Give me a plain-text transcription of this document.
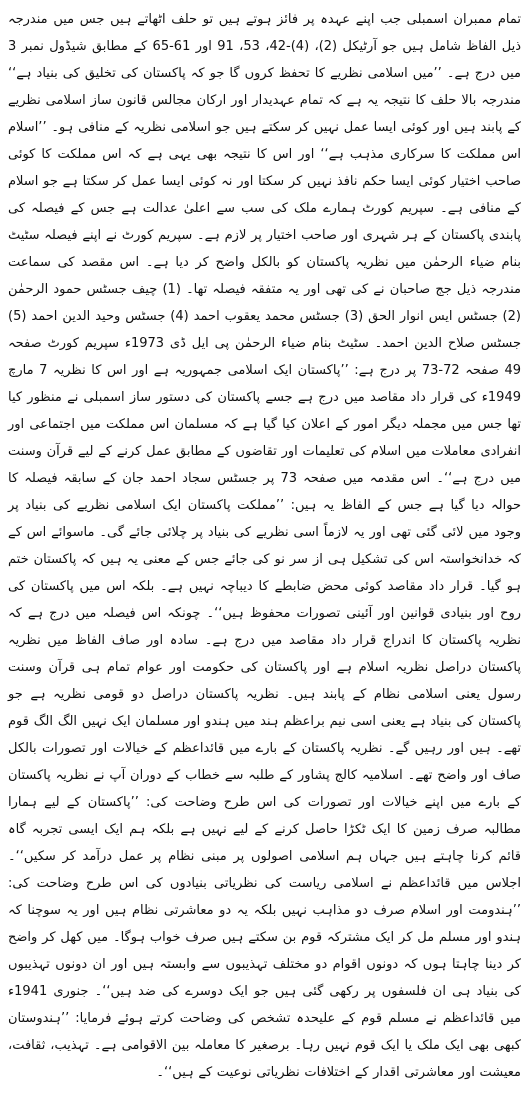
تمام ممبران اسمبلی جب اپنے عہدہ پر فائز ہوتے ہیں تو حلف اٹھاتے ہیں جس میں مندرجہ ذیل الفاظ شامل ہیں جو آرٹیکل (2)، (4)-42، 53، 91 اور 61-65 کے مطابق شیڈول نمبر 3 میں درج ہے۔ ’’میں اسلامی نظریے کا تحفظ کروں گا جو کہ پاکستان کی تخلیق کی بنیاد ہے‘‘ مندرجہ بالا حلف کا نتیجہ یہ ہے کہ تمام عہدیدار اور ارکان مجالس قانون ساز اسلامی نظریے کے پابند ہیں اور کوئی ایسا عمل نہیں کر سکتے ہیں جو اسلامی نظریہ کے منافی ہو۔ ’’اسلام اس مملکت کا سرکاری مذہب ہے‘‘ اور اس کا نتیجہ بھی یہی ہے کہ اس مملکت کا کوئی صاحب اختیار کوئی ایسا حکم نافذ نہیں کر سکتا اور نہ کوئی ایسا عمل کر سکتا ہے جو اسلام کے منافی ہے۔ سپریم کورٹ ہمارے ملک کی سب سے اعلیٰ عدالت ہے جس کے فیصلہ کی پابندی پاکستان کے ہر شہری اور صاحب اختیار پر لازم ہے۔ سپریم کورٹ نے اپنے فیصلہ سٹیٹ بنام ضیاء الرحمٰن میں نظریہ پاکستان کو بالکل واضح کر دیا ہے۔ اس مقصد کی سماعت مندرجہ ذیل جج صاحبان نے کی تھی اور یہ متفقہ فیصلہ تھا۔ (1) چیف جسٹس حمود الرحمٰن (2) جسٹس ایس انوار الحق (3) جسٹس محمد یعقوب احمد (4) جسٹس وحید الدین احمد (5) جسٹس صلاح الدین احمد۔ سٹیٹ بنام ضیاء الرحمٰن پی ایل ڈی 1973ء سپریم کورٹ صفحہ 49 صفحہ 72-73 پر درج ہے: ’’پاکستان ایک اسلامی جمہوریہ ہے اور اس کا نظریہ 7 مارچ 1949ء کی قرار داد مقاصد میں درج ہے جسے پاکستان کی دستور ساز اسمبلی نے منظور کیا تھا جس میں مجملہ دیگر امور کے اعلان کیا گیا ہے کہ مسلمان اس مملکت میں اجتماعی اور انفرادی معاملات میں اسلام کی تعلیمات اور تقاضوں کے مطابق عمل کرنے کے لیے قرآن وسنت میں درج ہے‘‘۔ اس مقدمہ میں صفحہ 73 پر جسٹس سجاد احمد جان کے سابقہ فیصلہ کا حوالہ دیا گیا ہے جس کے الفاظ یہ ہیں: ’’مملکت پاکستان ایک اسلامی نظریے کی بنیاد پر وجود میں لائی گئی تھی اور یہ لازماً اسی نظریے کی بنیاد پر چلائی جائے گی۔ ماسوائے اس کے کہ خدانخواستہ اس کی تشکیل ہی از سر نو کی جائے جس کے معنی یہ ہیں کہ پاکستان ختم ہو گیا۔ قرار داد مقاصد کوئی محض ضابطے کا دیباچہ نہیں ہے۔ بلکہ اس میں پاکستان کی روح اور بنیادی قوانین اور آئینی تصورات محفوظ ہیں‘‘۔ چونکہ اس فیصلہ میں درج ہے کہ نظریہ پاکستان کا اندراج قرار داد مقاصد میں درج ہے۔ سادہ اور صاف الفاظ میں نظریہ پاکستان دراصل نظریہ اسلام ہے اور پاکستان کی حکومت اور عوام تمام ہی قرآن وسنت رسول یعنی اسلامی نظام کے پابند ہیں۔ نظریہ پاکستان دراصل دو قومی نظریہ ہے جو پاکستان کی بنیاد ہے یعنی اسی نیم براعظم ہند میں ہندو اور مسلمان ایک نہیں الگ الگ قوم تھے۔ ہیں اور رہیں گے۔ نظریہ پاکستان کے بارے میں قائداعظم کے خیالات اور تصورات بالکل صاف اور واضح تھے۔ اسلامیہ کالج پشاور کے طلبہ سے خطاب کے دوران آپ نے نظریہ پاکستان کے بارے میں اپنے خیالات اور تصورات کی اس طرح وضاحت کی: ’’پاکستان کے لیے ہمارا مطالبہ صرف زمین کا ایک ٹکڑا حاصل کرنے کے لیے نہیں ہے بلکہ ہم ایک ایسی تجربہ گاہ قائم کرنا چاہتے ہیں جہاں ہم اسلامی اصولوں پر مبنی نظام پر عمل درآمد کر سکیں‘‘۔ اجلاس میں قائداعظم نے اسلامی ریاست کی نظریاتی بنیادوں کی اس طرح وضاحت کی: ’’ہندومت اور اسلام صرف دو مذاہب نہیں بلکہ یہ دو معاشرتی نظام ہیں اور یہ سوچنا کہ ہندو اور مسلم مل کر ایک مشترکہ قوم بن سکتے ہیں صرف خواب ہوگا۔ میں کھل کر واضح کر دینا چاہتا ہوں کہ دونوں اقوام دو مختلف تہذیبوں سے وابستہ ہیں اور ان دونوں تہذیبوں کی بنیاد ہی ان فلسفوں پر رکھی گئی ہیں جو ایک دوسرے کی ضد ہیں‘‘۔ جنوری 1941ء میں قائداعظم نے مسلم قوم کے علیحدہ تشخص کی وضاحت کرتے ہوئے فرمایا: ’’ہندوستان کبھی بھی ایک ملک یا ایک قوم نہیں رہا۔ برصغیر کا معاملہ بین الاقوامی ہے۔ تہذیب، ثقافت، معیشت اور معاشرتی اقدار کے اختلافات نظریاتی نوعیت کے ہیں‘‘۔
